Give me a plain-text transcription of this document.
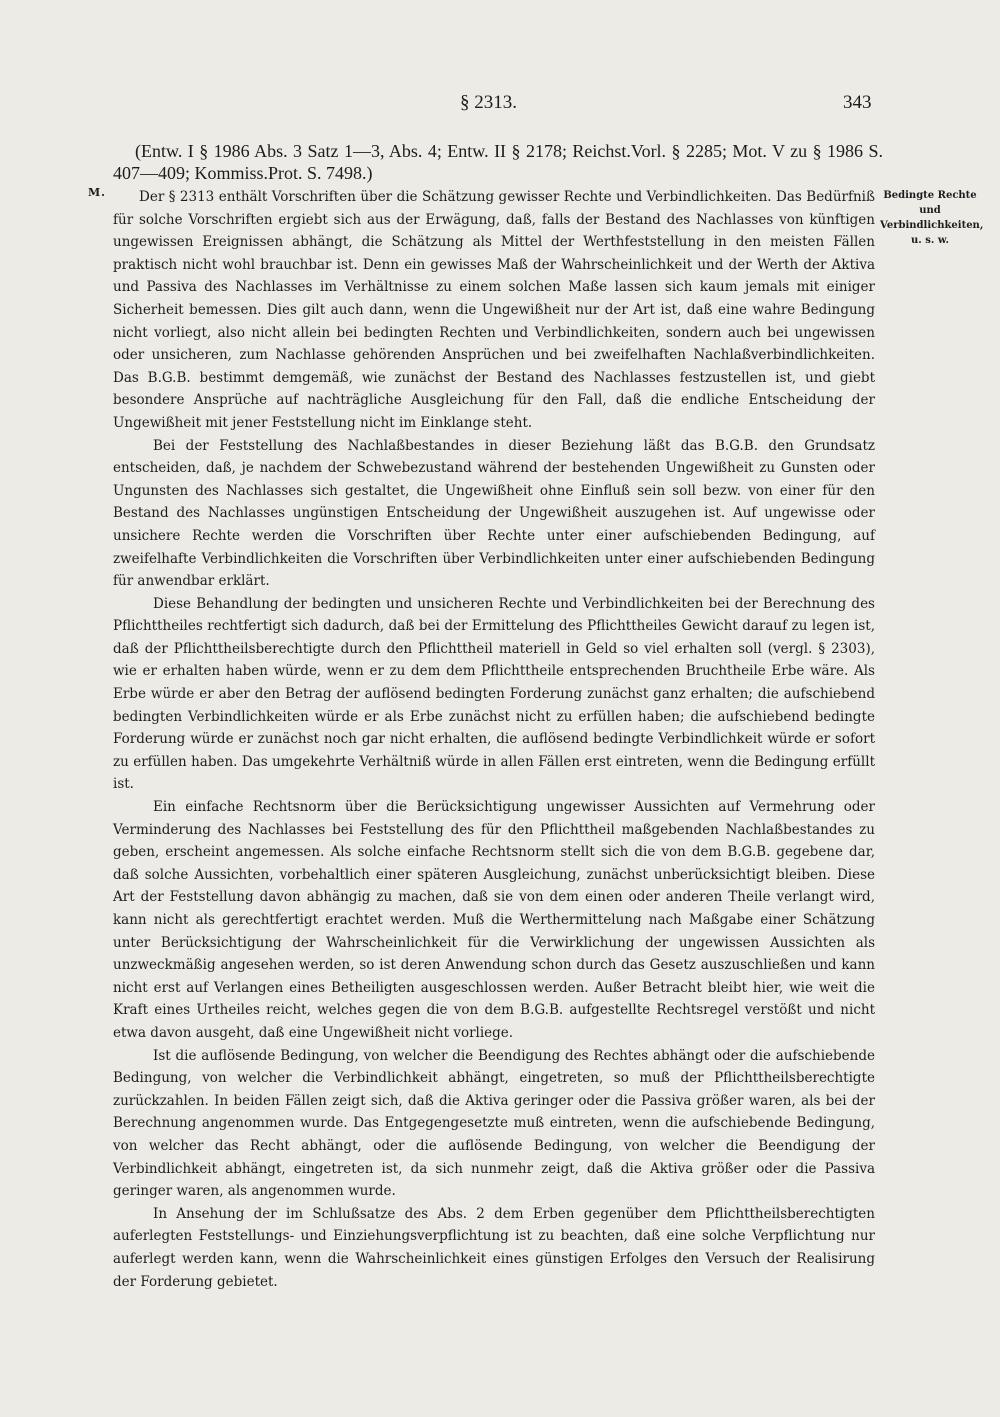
§ 2313.	343
(Entw. I § 1986 Abs. 3 Satz 1—3, Abs. 4; Entw. II § 2178; Reichst.Vorl. § 2285; Mot. V zu § 1986 S. 407—409; Kommiss.Prot. S. 7498.)
M.	Bedingte Rechte und Verbindlichkeiten, u. s. w.

Der § 2313 enthält Vorschriften über die Schätzung gewisser Rechte und Verbindlichkeiten. Das Bedürfniß für solche Vorschriften ergiebt sich aus der Erwägung, daß, falls der Bestand des Nachlasses von künftigen ungewissen Ereignissen abhängt, die Schätzung als Mittel der Werthfeststellung in den meisten Fällen praktisch nicht wohl brauchbar ist. Denn ein gewisses Maß der Wahrscheinlichkeit und der Werth der Aktiva und Passiva des Nachlasses im Verhältnisse zu einem solchen Maße lassen sich kaum jemals mit einiger Sicherheit bemessen. Dies gilt auch dann, wenn die Ungewißheit nur der Art ist, daß eine wahre Bedingung nicht vorliegt, also nicht allein bei bedingten Rechten und Verbindlichkeiten, sondern auch bei ungewissen oder unsicheren, zum Nachlasse gehörenden Ansprüchen und bei zweifelhaften Nachlaßverbindlichkeiten. Das B.G.B. bestimmt demgemäß, wie zunächst der Bestand des Nachlasses festzustellen ist, und giebt besondere Ansprüche auf nachträgliche Ausgleichung für den Fall, daß die endliche Entscheidung der Ungewißheit mit jener Feststellung nicht im Einklange steht.

Bei der Feststellung des Nachlaßbestandes in dieser Beziehung läßt das B.G.B. den Grundsatz entscheiden, daß, je nachdem der Schwebezustand während der bestehenden Ungewißheit zu Gunsten oder Ungunsten des Nachlasses sich gestaltet, die Ungewißheit ohne Einfluß sein soll bezw. von einer für den Bestand des Nachlasses ungünstigen Entscheidung der Ungewißheit auszugehen ist. Auf ungewisse oder unsichere Rechte werden die Vorschriften über Rechte unter einer aufschiebenden Bedingung, auf zweifelhafte Verbindlichkeiten die Vorschriften über Verbindlichkeiten unter einer aufschiebenden Bedingung für anwendbar erklärt.

Diese Behandlung der bedingten und unsicheren Rechte und Verbindlichkeiten bei der Berechnung des Pflichttheiles rechtfertigt sich dadurch, daß bei der Ermittelung des Pflichttheiles Gewicht darauf zu legen ist, daß der Pflichttheilsberechtigte durch den Pflichttheil materiell in Geld so viel erhalten soll (vergl. § 2303), wie er erhalten haben würde, wenn er zu dem dem Pflichttheile entsprechenden Bruchtheile Erbe wäre. Als Erbe würde er aber den Betrag der auflösend bedingten Forderung zunächst ganz erhalten; die aufschiebend bedingten Verbindlichkeiten würde er als Erbe zunächst nicht zu erfüllen haben; die aufschiebend bedingte Forderung würde er zunächst noch gar nicht erhalten, die auflösend bedingte Verbindlichkeit würde er sofort zu erfüllen haben. Das umgekehrte Verhältniß würde in allen Fällen erst eintreten, wenn die Bedingung erfüllt ist.

Ein einfache Rechtsnorm über die Berücksichtigung ungewisser Aussichten auf Vermehrung oder Verminderung des Nachlasses bei Feststellung des für den Pflichttheil maßgebenden Nachlaßbestandes zu geben, erscheint angemessen. Als solche einfache Rechtsnorm stellt sich die von dem B.G.B. gegebene dar, daß solche Aussichten, vorbehaltlich einer späteren Ausgleichung, zunächst unberücksichtigt bleiben. Diese Art der Feststellung davon abhängig zu machen, daß sie von dem einen oder anderen Theile verlangt wird, kann nicht als gerechtfertigt erachtet werden. Muß die Werthermittelung nach Maßgabe einer Schätzung unter Berücksichtigung der Wahrscheinlichkeit für die Verwirklichung der ungewissen Aussichten als unzweckmäßig angesehen werden, so ist deren Anwendung schon durch das Gesetz auszuschließen und kann nicht erst auf Verlangen eines Betheiligten ausgeschlossen werden. Außer Betracht bleibt hier, wie weit die Kraft eines Urtheiles reicht, welches gegen die von dem B.G.B. aufgestellte Rechtsregel verstößt und nicht etwa davon ausgeht, daß eine Ungewißheit nicht vorliege.

Ist die auflösende Bedingung, von welcher die Beendigung des Rechtes abhängt oder die aufschiebende Bedingung, von welcher die Verbindlichkeit abhängt, eingetreten, so muß der Pflichttheilsberechtigte zurückzahlen. In beiden Fällen zeigt sich, daß die Aktiva geringer oder die Passiva größer waren, als bei der Berechnung angenommen wurde. Das Entgegengesetzte muß eintreten, wenn die aufschiebende Bedingung, von welcher das Recht abhängt, oder die auflösende Bedingung, von welcher die Beendigung der Verbindlichkeit abhängt, eingetreten ist, da sich nunmehr zeigt, daß die Aktiva größer oder die Passiva geringer waren, als angenommen wurde.

In Ansehung der im Schlußsatze des Abs. 2 dem Erben gegenüber dem Pflichttheilsberechtigten auferlegten Feststellungs- und Einziehungsverpflichtung ist zu beachten, daß eine solche Verpflichtung nur auferlegt werden kann, wenn die Wahrscheinlichkeit eines günstigen Erfolges den Versuch der Realisirung der Forderung gebietet.
